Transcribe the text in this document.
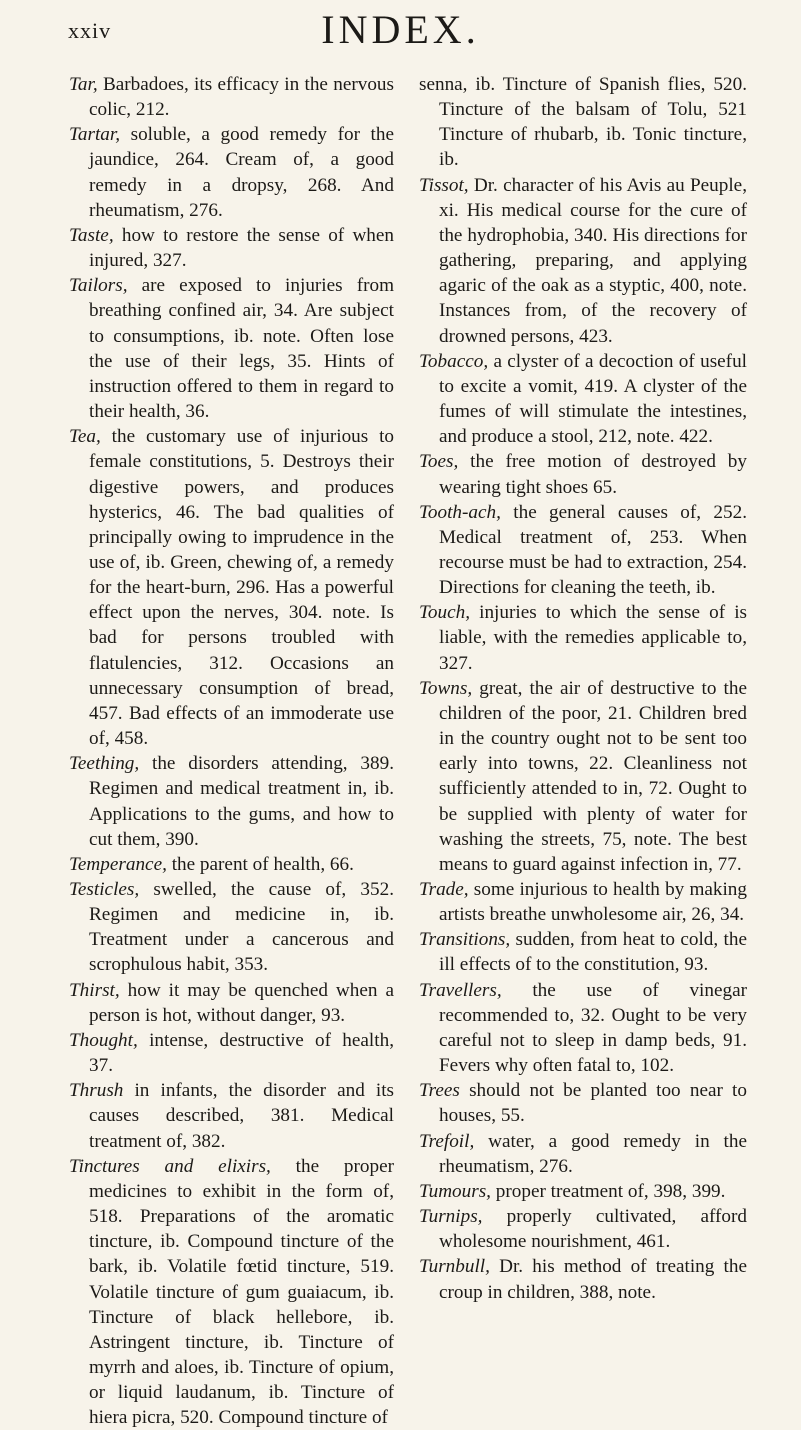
xxiv	INDEX.

Tar, Barbadoes, its efficacy in the nervous colic, 212.

Tartar, soluble, a good remedy for the jaundice, 264. Cream of, a good remedy in a dropsy, 268. And rheumatism, 276.

Taste, how to restore the sense of when injured, 327.

Tailors, are exposed to injuries from breathing confined air, 34. Are subject to consumptions, ib. note. Often lose the use of their legs, 35. Hints of instruction offered to them in regard to their health, 36.

Tea, the customary use of injurious to female constitutions, 5. Destroys their digestive powers, and produces hysterics, 46. The bad qualities of principally owing to imprudence in the use of, ib. Green, chewing of, a remedy for the heart-burn, 296. Has a powerful effect upon the nerves, 304. note. Is bad for persons troubled with flatulencies, 312. Occasions an unnecessary consumption of bread, 457. Bad effects of an immoderate use of, 458.

Teething, the disorders attending, 389. Regimen and medical treatment in, ib. Applications to the gums, and how to cut them, 390.

Temperance, the parent of health, 66.

Testicles, swelled, the cause of, 352. Regimen and medicine in, ib. Treatment under a cancerous and scrophulous habit, 353.

Thirst, how it may be quenched when a person is hot, without danger, 93.

Thought, intense, destructive of health, 37.

Thrush in infants, the disorder and its causes described, 381. Medical treatment of, 382.

Tinctures and elixirs, the proper medicines to exhibit in the form of, 518. Preparations of the aromatic tincture, ib. Compound tincture of the bark, ib. Volatile fœtid tincture, 519. Volatile tincture of gum guaiacum, ib. Tincture of black hellebore, ib. Astringent tincture, ib. Tincture of myrrh and aloes, ib. Tincture of opium, or liquid laudanum, ib. Tincture of hiera picra, 520. Compound tincture of

senna, ib. Tincture of Spanish flies, 520. Tincture of the balsam of Tolu, 521 Tincture of rhubarb, ib. Tonic tincture, ib.

Tissot, Dr. character of his Avis au Peuple, xi. His medical course for the cure of the hydrophobia, 340. His directions for gathering, preparing, and applying agaric of the oak as a styptic, 400, note. Instances from, of the recovery of drowned persons, 423.

Tobacco, a clyster of a decoction of useful to excite a vomit, 419. A clyster of the fumes of will stimulate the intestines, and produce a stool, 212, note. 422.

Toes, the free motion of destroyed by wearing tight shoes 65.

Tooth-ach, the general causes of, 252. Medical treatment of, 253. When recourse must be had to extraction, 254. Directions for cleaning the teeth, ib.

Touch, injuries to which the sense of is liable, with the remedies applicable to, 327.

Towns, great, the air of destructive to the children of the poor, 21. Children bred in the country ought not to be sent too early into towns, 22. Cleanliness not sufficiently attended to in, 72. Ought to be supplied with plenty of water for washing the streets, 75, note. The best means to guard against infection in, 77.

Trade, some injurious to health by making artists breathe unwholesome air, 26, 34.

Transitions, sudden, from heat to cold, the ill effects of to the constitution, 93.

Travellers, the use of vinegar recommended to, 32. Ought to be very careful not to sleep in damp beds, 91. Fevers why often fatal to, 102.

Trees should not be planted too near to houses, 55.

Trefoil, water, a good remedy in the rheumatism, 276.

Tumours, proper treatment of, 398, 399.

Turnips, properly cultivated, afford wholesome nourishment, 461.

Turnbull, Dr. his method of treating the croup in children, 388, note.
